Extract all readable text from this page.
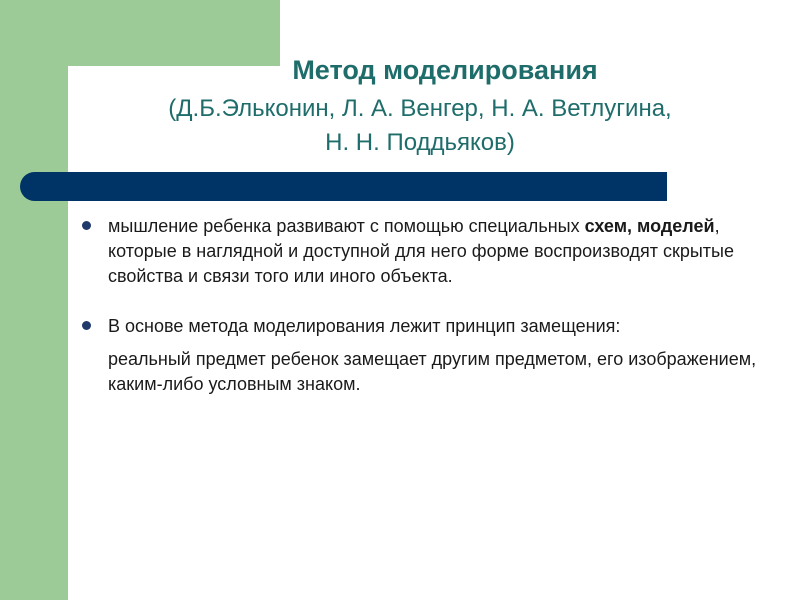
Метод моделирования
(Д.Б.Эльконин, Л. А. Венгер, Н. А. Ветлугина,
Н. Н. Поддьяков)
мышление ребенка развивают с помощью специальных схем, моделей, которые в наглядной и доступной для него форме воспроизводят скрытые свойства и связи того или иного объекта.
В основе метода моделирования лежит принцип замещения:
реальный предмет ребенок замещает другим предметом, его изображением, каким-либо условным знаком.
